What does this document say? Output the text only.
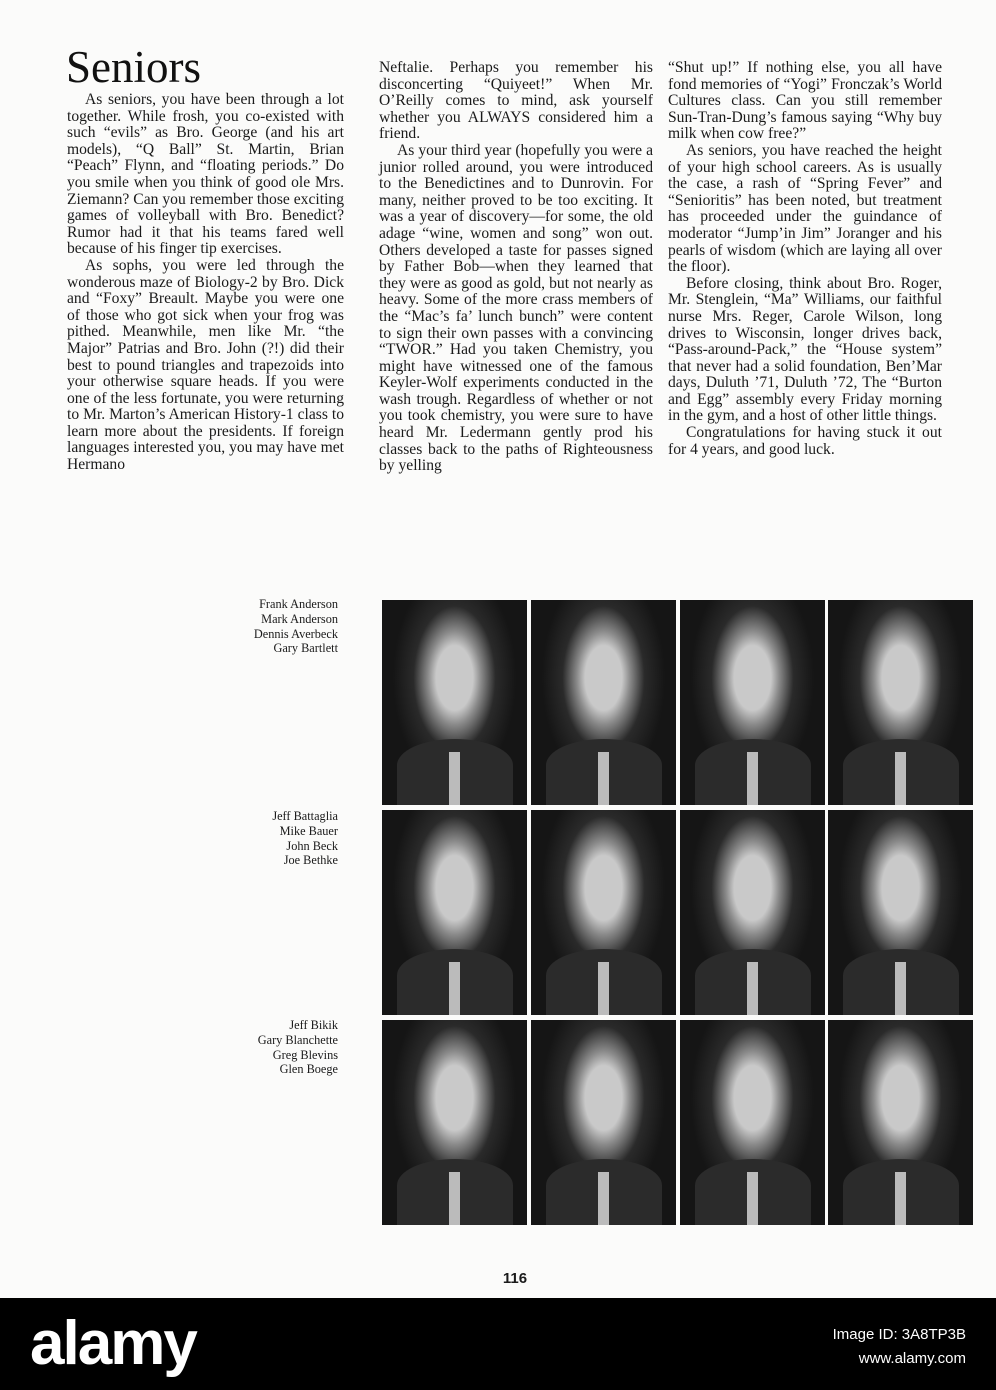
Seniors

As seniors, you have been through a lot together. While frosh, you co-existed with such “evils” as Bro. George (and his art models), “Q Ball” St. Martin, Brian “Peach” Flynn, and “floating periods.” Do you smile when you think of good ole Mrs. Ziemann? Can you remember those exciting games of volleyball with Bro. Benedict? Rumor had it that his teams fared well because of his finger tip exercises.

As sophs, you were led through the wonderous maze of Biology-2 by Bro. Dick and “Foxy” Breault. Maybe you were one of those who got sick when your frog was pithed. Meanwhile, men like Mr. “the Major” Patrias and Bro. John (?!) did their best to pound triangles and trapezoids into your otherwise square heads. If you were one of the less fortunate, you were returning to Mr. Marton’s American History-1 class to learn more about the presidents. If foreign languages interested you, you may have met Hermano

Neftalie. Perhaps you remember his disconcerting “Quiyeet!” When Mr. O’Reilly comes to mind, ask yourself whether you ALWAYS considered him a friend.

As your third year (hopefully you were a junior rolled around, you were introduced to the Benedictines and to Dunrovin. For many, neither proved to be too exciting. It was a year of discovery—for some, the old adage “wine, women and song” won out. Others developed a taste for passes signed by Father Bob—when they learned that they were as good as gold, but not nearly as heavy. Some of the more crass members of the “Mac’s fa’ lunch bunch” were content to sign their own passes with a convincing “TWOR.” Had you taken Chemistry, you might have witnessed one of the famous Keyler-Wolf experiments conducted in the wash trough. Regardless of whether or not you took chemistry, you were sure to have heard Mr. Ledermann gently prod his classes back to the paths of Righteousness by yelling

“Shut up!” If nothing else, you all have fond memories of “Yogi” Fronczak’s World Cultures class. Can you still remember Sun-Tran-Dung’s famous saying “Why buy milk when cow free?”

As seniors, you have reached the height of your high school careers. As is usually the case, a rash of “Spring Fever” and “Senioritis” has been noted, but treatment has proceeded under the guindance of moderator “Jump’in Jim” Joranger and his pearls of wisdom (which are laying all over the floor).

Before closing, think about Bro. Roger, Mr. Stenglein, “Ma” Williams, our faithful nurse Mrs. Reger, Carole Wilson, long drives to Wisconsin, longer drives back, “Pass-around-Pack,” the “House system” that never had a solid foundation, Ben’Mar days, Duluth ’71, Duluth ’72, The “Burton and Egg” assembly every Friday morning in the gym, and a host of other little things.

Congratulations for having stuck it out for 4 years, and good luck.

Frank Anderson
Mark Anderson
Dennis Averbeck
Gary Bartlett
Jeff Battaglia
Mike Bauer
John Beck
Joe Bethke
Jeff Bikik
Gary Blanchette
Greg Blevins
Glen Boege
116
alamy	Image ID: 3A8TP3B
www.alamy.com
